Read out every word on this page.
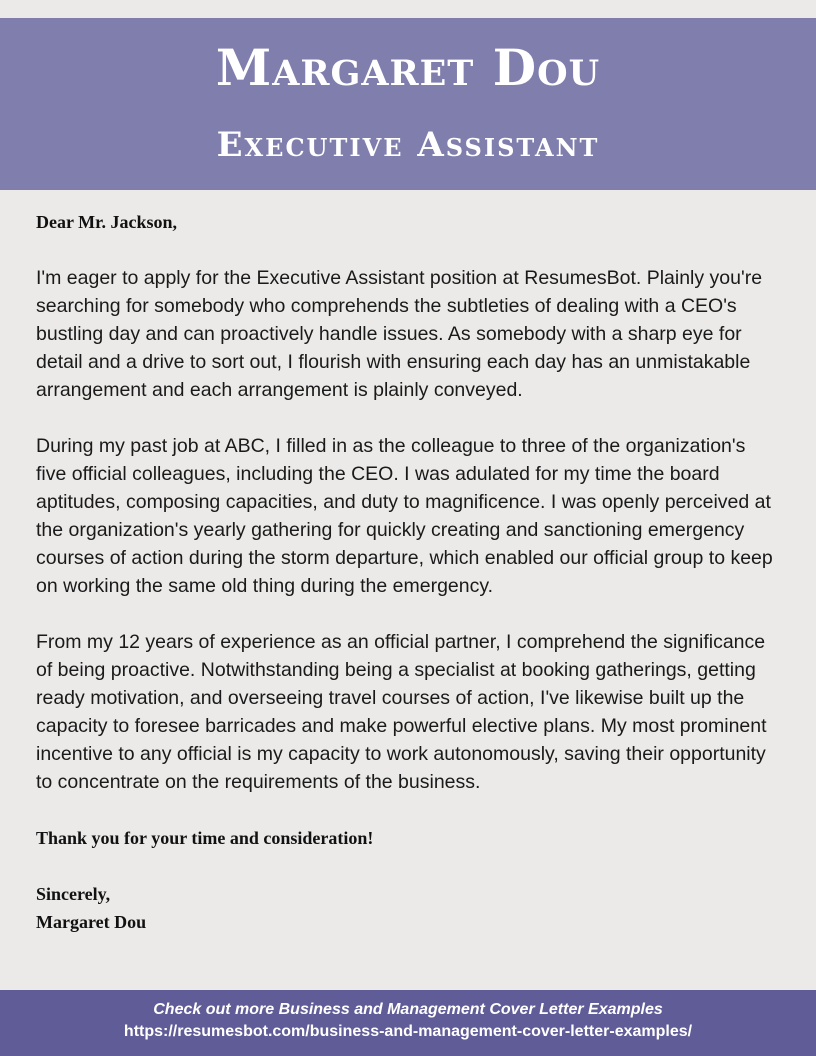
Margaret Dou
Executive Assistant

Dear Mr. Jackson,

I'm eager to apply for the Executive Assistant position at ResumesBot. Plainly you're searching for somebody who comprehends the subtleties of dealing with a CEO's bustling day and can proactively handle issues. As somebody with a sharp eye for detail and a drive to sort out, I flourish with ensuring each day has an unmistakable arrangement and each arrangement is plainly conveyed.

During my past job at ABC, I filled in as the colleague to three of the organization's five official colleagues, including the CEO. I was adulated for my time the board aptitudes, composing capacities, and duty to magnificence. I was openly perceived at the organization's yearly gathering for quickly creating and sanctioning emergency courses of action during the storm departure, which enabled our official group to keep on working the same old thing during the emergency.

From my 12 years of experience as an official partner, I comprehend the significance of being proactive. Notwithstanding being a specialist at booking gatherings, getting ready motivation, and overseeing travel courses of action, I've likewise built up the capacity to foresee barricades and make powerful elective plans. My most prominent incentive to any official is my capacity to work autonomously, saving their opportunity to concentrate on the requirements of the business.

Thank you for your time and consideration!

Sincerely,

Margaret Dou

Check out more Business and Management Cover Letter Examples
https://resumesbot.com/business-and-management-cover-letter-examples/
